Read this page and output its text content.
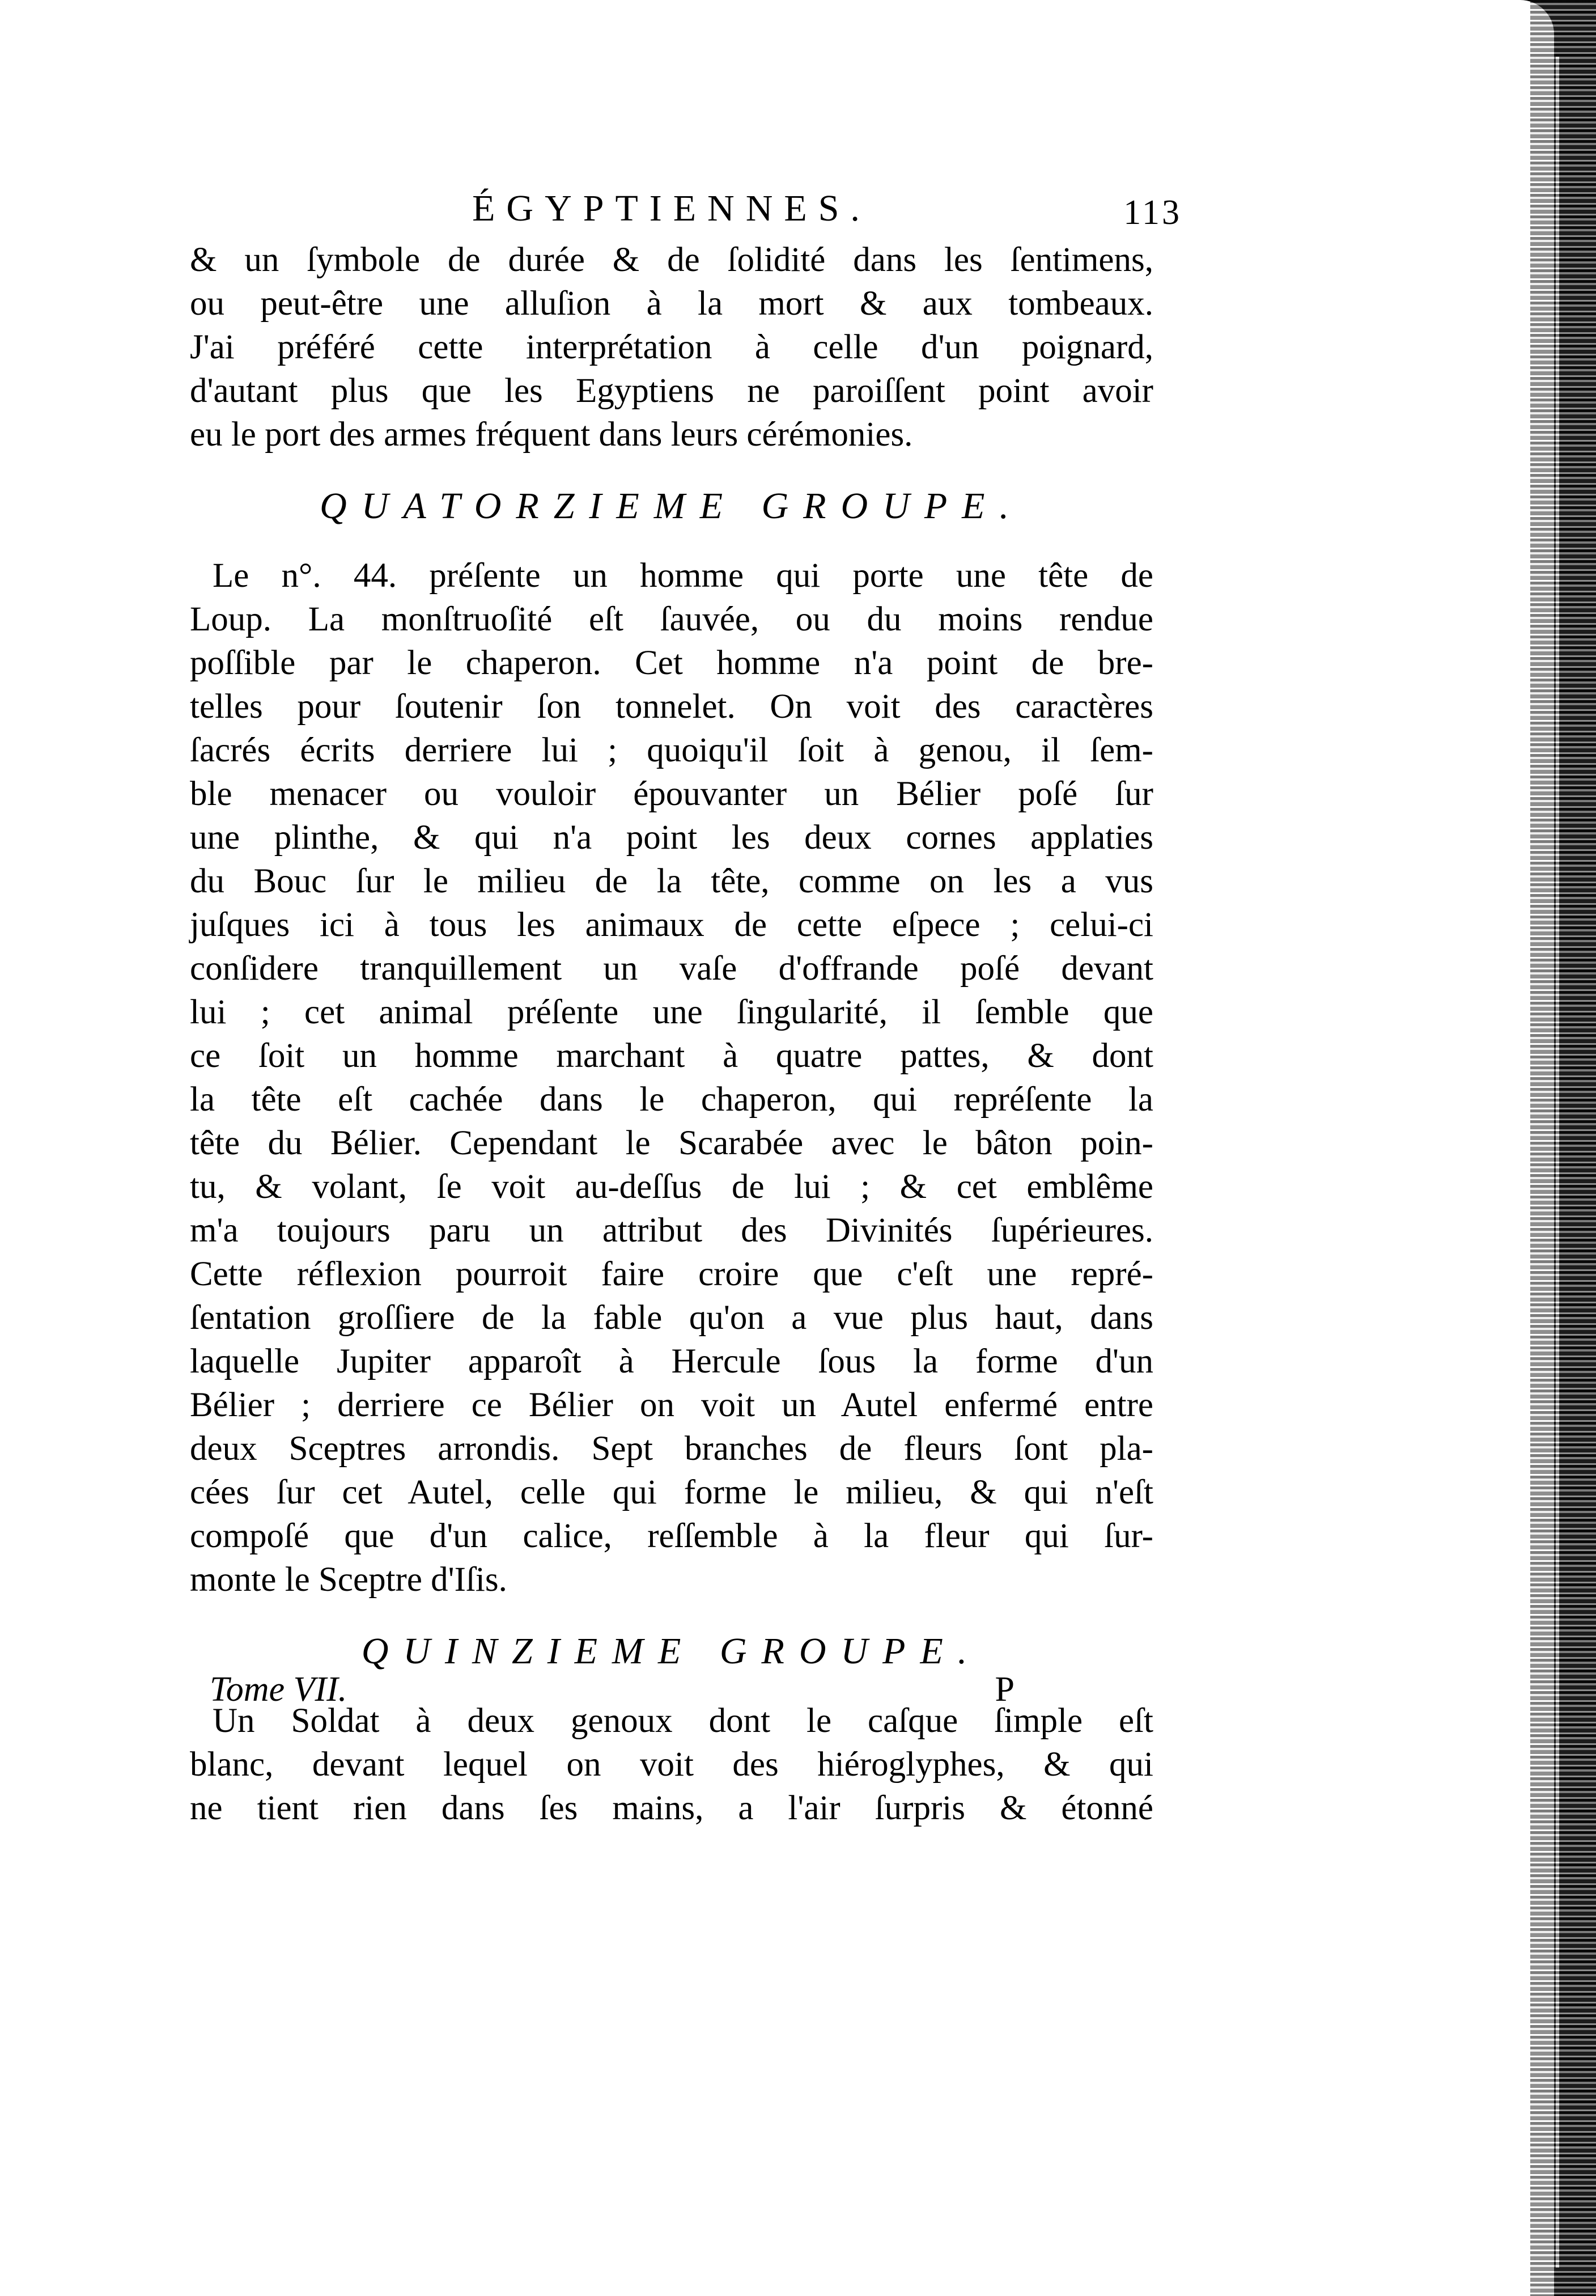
ÉGYPTIENNES.	113
& un ſymbole de durée & de ſolidité dans les ſentimens,
ou peut-être une alluſion à la mort & aux tombeaux.
J'ai préféré cette interprétation à celle d'un poignard,
d'autant plus que les Egyptiens ne paroiſſent point avoir
eu le port des armes fréquent dans leurs cérémonies.
QUATORZIEME GROUPE.
Le n°. 44. préſente un homme qui porte une tête de
Loup. La monſtruoſité eſt ſauvée, ou du moins rendue
poſſible par le chaperon. Cet homme n'a point de bre-
telles pour ſoutenir ſon tonnelet. On voit des caractères
ſacrés écrits derriere lui ; quoiqu'il ſoit à genou, il ſem-
ble menacer ou vouloir épouvanter un Bélier poſé ſur
une plinthe, & qui n'a point les deux cornes applaties
du Bouc ſur le milieu de la tête, comme on les a vus
juſques ici à tous les animaux de cette eſpece ; celui-ci
conſidere tranquillement un vaſe d'offrande poſé devant
lui ; cet animal préſente une ſingularité, il ſemble que
ce ſoit un homme marchant à quatre pattes, & dont
la tête eſt cachée dans le chaperon, qui repréſente la
tête du Bélier. Cependant le Scarabée avec le bâton poin-
tu, & volant, ſe voit au-deſſus de lui ; & cet emblême
m'a toujours paru un attribut des Divinités ſupérieures.
Cette réflexion pourroit faire croire que c'eſt une repré-
ſentation groſſiere de la fable qu'on a vue plus haut, dans
laquelle Jupiter apparoît à Hercule ſous la forme d'un
Bélier ; derriere ce Bélier on voit un Autel enfermé entre
deux Sceptres arrondis. Sept branches de fleurs ſont pla-
cées ſur cet Autel, celle qui forme le milieu, & qui n'eſt
compoſé que d'un calice, reſſemble à la fleur qui ſur-
monte le Sceptre d'Iſis.
QUINZIEME GROUPE.
Un Soldat à deux genoux dont le caſque ſimple eſt
blanc, devant lequel on voit des hiéroglyphes, & qui
ne tient rien dans ſes mains, a l'air ſurpris & étonné
Tome VII.	P
